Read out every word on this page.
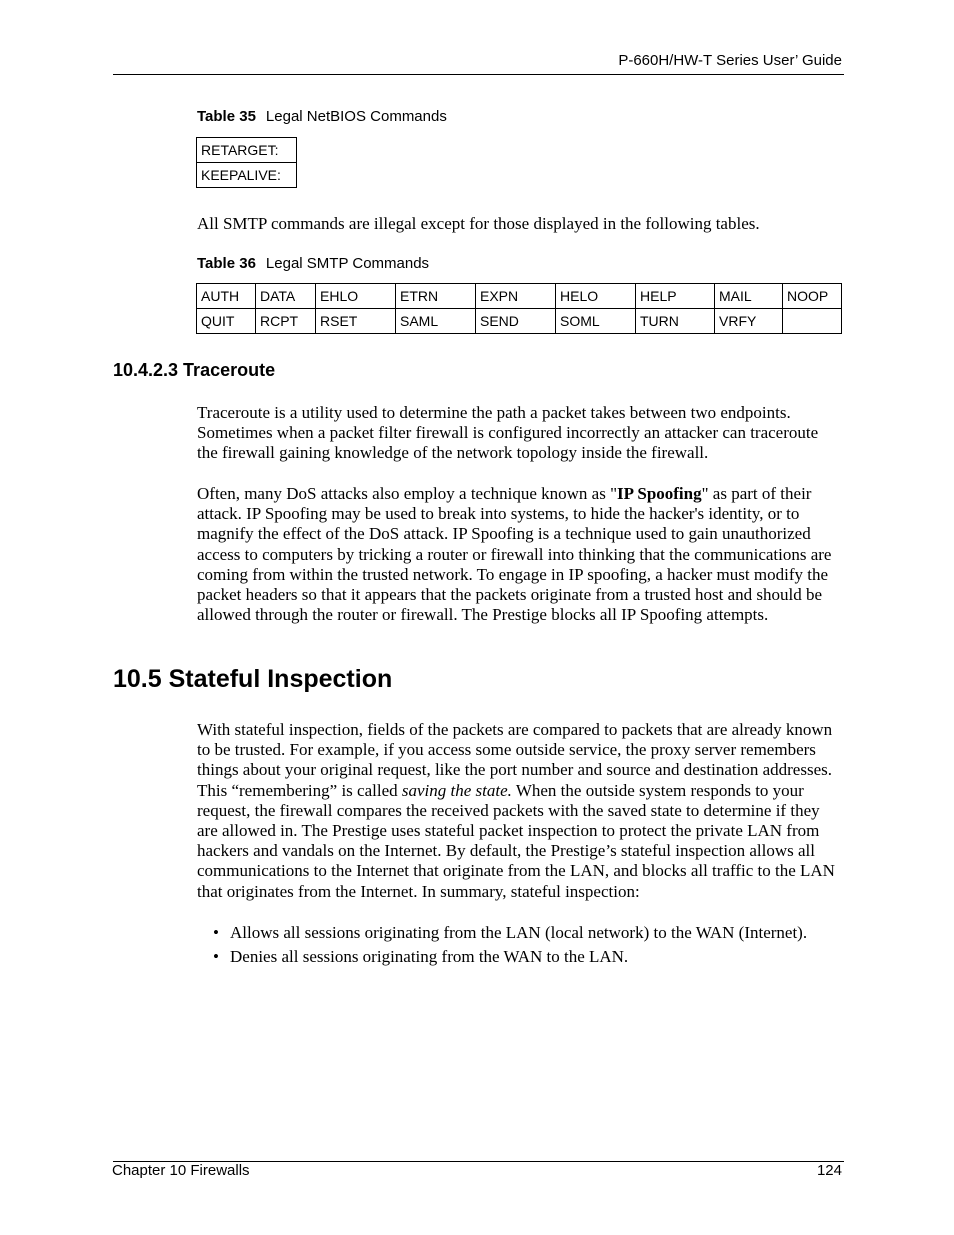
P-660H/HW-T Series User’ Guide
Table 35 Legal NetBIOS Commands
RETARGET:
KEEPALIVE:
All SMTP commands are illegal except for those displayed in the following tables.
Table 36 Legal SMTP Commands
AUTH	DATA	EHLO	ETRN	EXPN	HELO	HELP	MAIL	NOOP
QUIT	RCPT	RSET	SAML	SEND	SOML	TURN	VRFY	
10.4.2.3 Traceroute

Traceroute is a utility used to determine the path a packet takes between two endpoints. Sometimes when a packet filter firewall is configured incorrectly an attacker can traceroute the firewall gaining knowledge of the network topology inside the firewall.

Often, many DoS attacks also employ a technique known as "IP Spoofing" as part of their attack. IP Spoofing may be used to break into systems, to hide the hacker's identity, or to magnify the effect of the DoS attack. IP Spoofing is a technique used to gain unauthorized access to computers by tricking a router or firewall into thinking that the communications are coming from within the trusted network. To engage in IP spoofing, a hacker must modify the packet headers so that it appears that the packets originate from a trusted host and should be allowed through the router or firewall. The Prestige blocks all IP Spoofing attempts.

10.5 Stateful Inspection

With stateful inspection, fields of the packets are compared to packets that are already known to be trusted. For example, if you access some outside service, the proxy server remembers things about your original request, like the port number and source and destination addresses. This “remembering” is called saving the state. When the outside system responds to your request, the firewall compares the received packets with the saved state to determine if they are allowed in. The Prestige uses stateful packet inspection to protect the private LAN from hackers and vandals on the Internet. By default, the Prestige’s stateful inspection allows all communications to the Internet that originate from the LAN, and blocks all traffic to the LAN that originates from the Internet. In summary, stateful inspection:

• Allows all sessions originating from the LAN (local network) to the WAN (Internet).
• Denies all sessions originating from the WAN to the LAN.
Chapter 10 Firewalls	124
